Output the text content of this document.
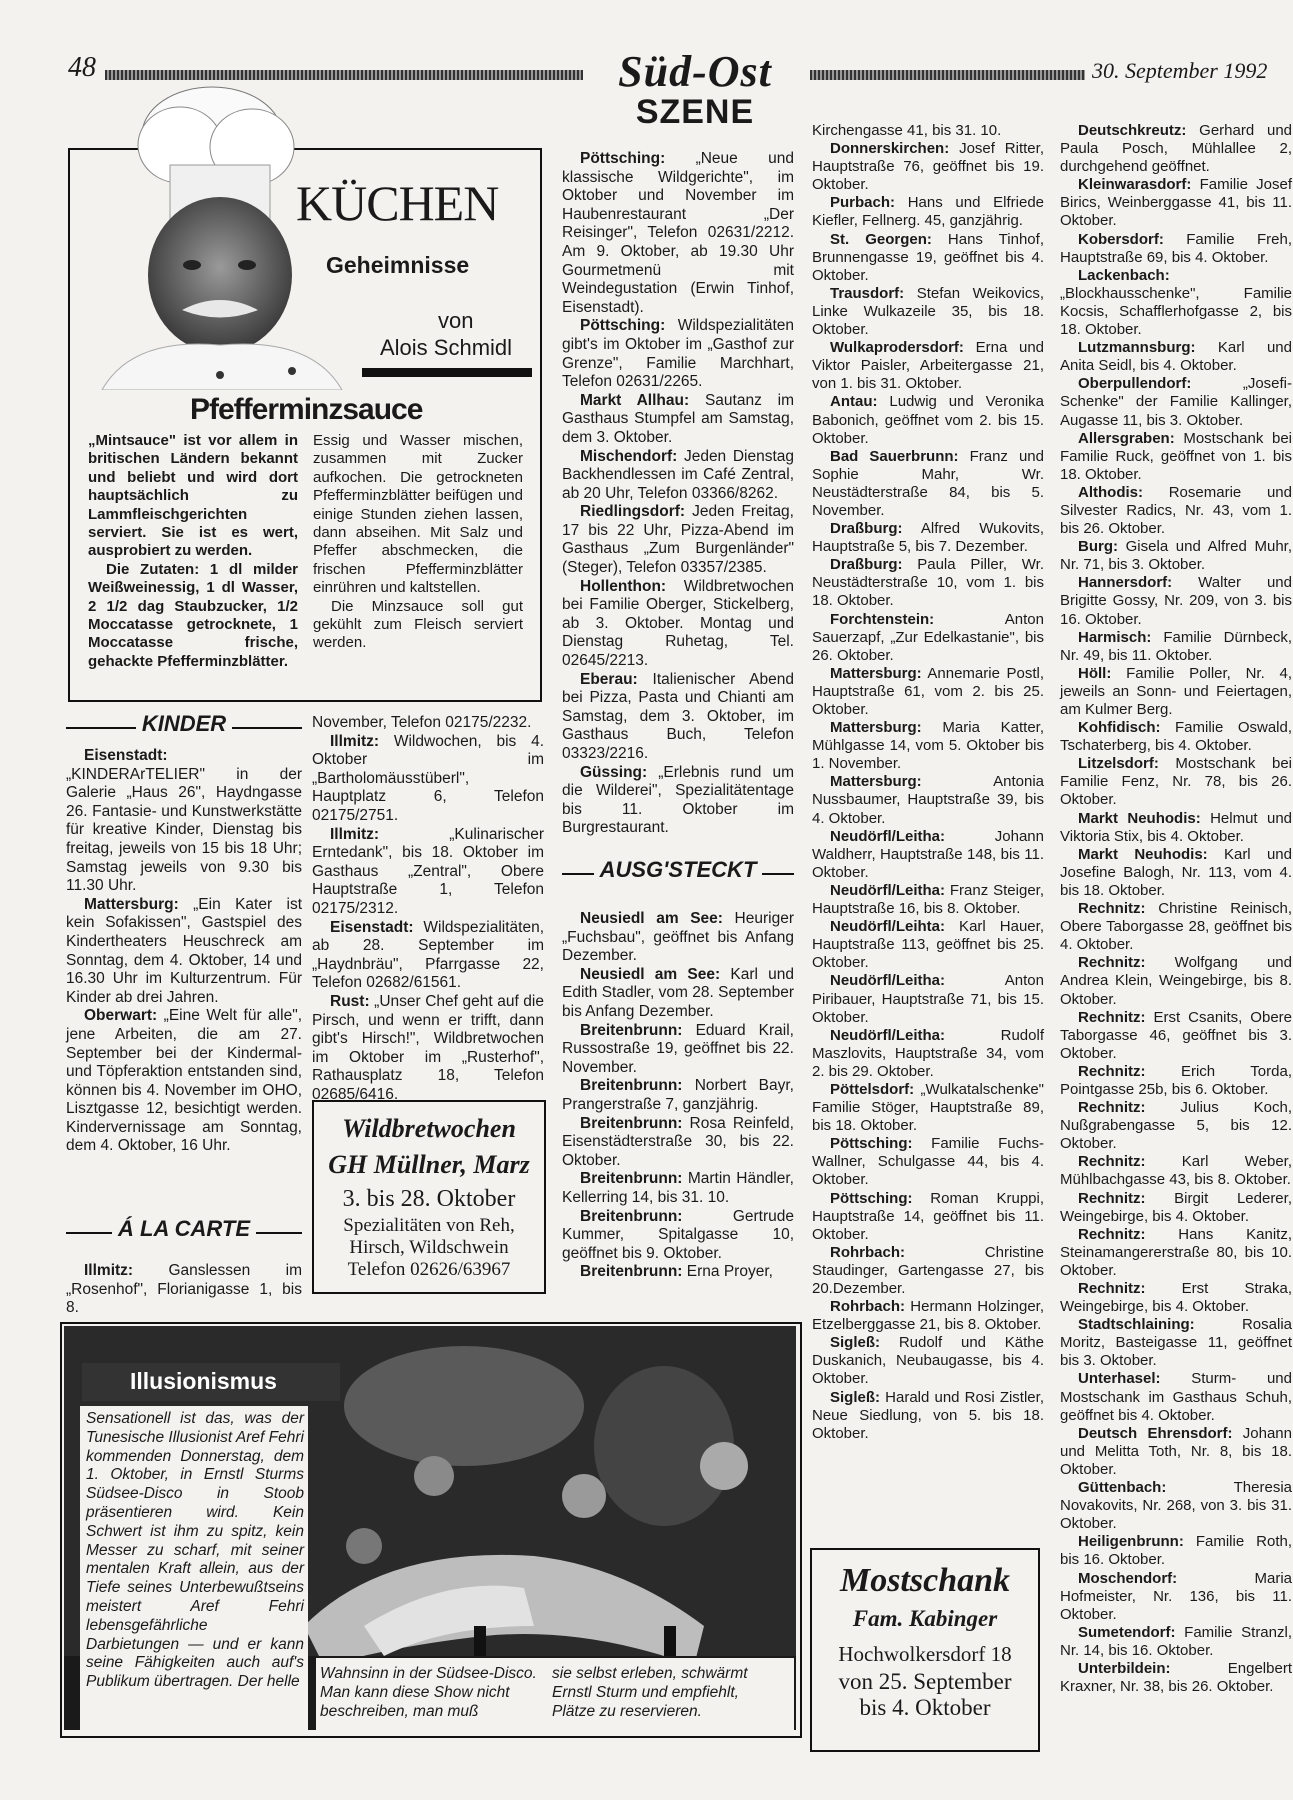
48	Süd-Ost
SZENE
30. September 1992
KÜCHEN
Geheimnisse
von
Alois Schmidl
Pfefferminzsauce

„Mintsauce" ist vor allem in britischen Ländern bekannt und beliebt und wird dort hauptsächlich zu Lammfleischgerichten serviert. Sie ist es wert, ausprobiert zu werden.

Die Zutaten: 1 dl milder Weißweinessig, 1 dl Wasser, 2 1/2 dag Staubzucker, 1/2 Moccatasse getrocknete, 1 Moccatasse frische, gehackte Pfefferminzblätter.

Essig und Wasser mischen, zusammen mit Zucker aufkochen. Die getrockneten Pfefferminzblätter beifügen und einige Stunden ziehen lassen, dann abseihen. Mit Salz und Pfeffer abschmecken, die frischen Pfefferminzblätter einrühren und kaltstellen.

Die Minzsauce soll gut gekühlt zum Fleisch serviert werden.

KINDER

Eisenstadt: „KINDERArTELIER" in der Galerie „Haus 26", Haydngasse 26. Fantasie- und Kunstwerkstätte für kreative Kinder, Dienstag bis freitag, jeweils von 15 bis 18 Uhr; Samstag jeweils von 9.30 bis 11.30 Uhr.

Mattersburg: „Ein Kater ist kein Sofakissen", Gastspiel des Kindertheaters Heuschreck am Sonntag, dem 4. Oktober, 14 und 16.30 Uhr im Kulturzentrum. Für Kinder ab drei Jahren.

Oberwart: „Eine Welt für alle", jene Arbeiten, die am 27. September bei der Kindermal- und Töpferaktion entstanden sind, können bis 4. November im OHO, Lisztgasse 12, besichtigt werden. Kindervernissage am Sonntag, dem 4. Oktober, 16 Uhr.

Á LA CARTE

Illmitz: Ganslessen im „Rosenhof", Florianigasse 1, bis 8.

November, Telefon 02175/2232.

Illmitz: Wildwochen, bis 4. Oktober im „Bartholomäusstüberl", Hauptplatz 6, Telefon 02175/2751.

Illmitz: „Kulinarischer Erntedank", bis 18. Oktober im Gasthaus „Zentral", Obere Hauptstraße 1, Telefon 02175/2312.

Eisenstadt: Wildspezialitäten, ab 28. September im „Haydnbräu", Pfarrgasse 22, Telefon 02682/61561.

Rust: „Unser Chef geht auf die Pirsch, und wenn er trifft, dann gibt's Hirsch!", Wildbretwochen im Oktober im „Rusterhof", Rathausplatz 18, Telefon 02685/6416.

Wildbretwochen
GH Müllner, Marz
3. bis 28. Oktober
Spezialitäten von Reh,
Hirsch, Wildschwein
Telefon 02626/63967

Pöttsching: „Neue und klassische Wildgerichte", im Oktober und November im Haubenrestaurant „Der Reisinger", Telefon 02631/2212. Am 9. Oktober, ab 19.30 Uhr Gourmetmenü mit Weindegustation (Erwin Tinhof, Eisenstadt).

Pöttsching: Wildspezialitäten gibt's im Oktober im „Gasthof zur Grenze", Familie Marchhart, Telefon 02631/2265.

Markt Allhau: Sautanz im Gasthaus Stumpfel am Samstag, dem 3. Oktober.

Mischendorf: Jeden Dienstag Backhendlessen im Café Zentral, ab 20 Uhr, Telefon 03366/8262.

Riedlingsdorf: Jeden Freitag, 17 bis 22 Uhr, Pizza-Abend im Gasthaus „Zum Burgenländer" (Steger), Telefon 03357/2385.

Hollenthon: Wildbretwochen bei Familie Oberger, Stickelberg, ab 3. Oktober. Montag und Dienstag Ruhetag, Tel. 02645/2213.

Eberau: Italienischer Abend bei Pizza, Pasta und Chianti am Samstag, dem 3. Oktober, im Gasthaus Buch, Telefon 03323/2216.

Güssing: „Erlebnis rund um die Wilderei", Spezialitätentage bis 11. Oktober im Burgrestaurant.

AUSG'STECKT

Neusiedl am See: Heuriger „Fuchsbau", geöffnet bis Anfang Dezember.

Neusiedl am See: Karl und Edith Stadler, vom 28. September bis Anfang Dezember.

Breitenbrunn: Eduard Krail, Russostraße 19, geöffnet bis 22. November.

Breitenbrunn: Norbert Bayr, Prangerstraße 7, ganzjährig.

Breitenbrunn: Rosa Reinfeld, Eisenstädterstraße 30, bis 22. Oktober.

Breitenbrunn: Martin Händler, Kellerring 14, bis 31. 10.

Breitenbrunn: Gertrude Kummer, Spitalgasse 10, geöffnet bis 9. Oktober.

Breitenbrunn: Erna Proyer,

Kirchengasse 41, bis 31. 10.

Donnerskirchen: Josef Ritter, Hauptstraße 76, geöffnet bis 19. Oktober.

Purbach: Hans und Elfriede Kiefler, Fellnerg. 45, ganzjährig.

St. Georgen: Hans Tinhof, Brunnengasse 19, geöffnet bis 4. Oktober.

Trausdorf: Stefan Weikovics, Linke Wulkazeile 35, bis 18. Oktober.

Wulkaprodersdorf: Erna und Viktor Paisler, Arbeitergasse 21, von 1. bis 31. Oktober.

Antau: Ludwig und Veronika Babonich, geöffnet vom 2. bis 15. Oktober.

Bad Sauerbrunn: Franz und Sophie Mahr, Wr. Neustädterstraße 84, bis 5. November.

Draßburg: Alfred Wukovits, Hauptstraße 5, bis 7. Dezember.

Draßburg: Paula Piller, Wr. Neustädterstraße 10, vom 1. bis 18. Oktober.

Forchtenstein: Anton Sauerzapf, „Zur Edelkastanie", bis 26. Oktober.

Mattersburg: Annemarie Postl, Hauptstraße 61, vom 2. bis 25. Oktober.

Mattersburg: Maria Katter, Mühlgasse 14, vom 5. Oktober bis 1. November.

Mattersburg: Antonia Nussbaumer, Hauptstraße 39, bis 4. Oktober.

Neudörfl/Leitha: Johann Waldherr, Hauptstraße 148, bis 11. Oktober.

Neudörfl/Leitha: Franz Steiger, Hauptstraße 16, bis 8. Oktober.

Neudörfl/Leihta: Karl Hauer, Hauptstraße 113, geöffnet bis 25. Oktober.

Neudörfl/Leitha: Anton Piribauer, Hauptstraße 71, bis 15. Oktober.

Neudörfl/Leitha: Rudolf Maszlovits, Hauptstraße 34, vom 2. bis 29. Oktober.

Pöttelsdorf: „Wulkatalschenke" Familie Stöger, Hauptstraße 89, bis 18. Oktober.

Pöttsching: Familie Fuchs-Wallner, Schulgasse 44, bis 4. Oktober.

Pöttsching: Roman Kruppi, Hauptstraße 14, geöffnet bis 11. Oktober.

Rohrbach: Christine Staudinger, Gartengasse 27, bis 20.Dezember.

Rohrbach: Hermann Holzinger, Etzelberggasse 21, bis 8. Oktober.

Sigleß: Rudolf und Käthe Duskanich, Neubaugasse, bis 4. Oktober.

Sigleß: Harald und Rosi Zistler, Neue Siedlung, von 5. bis 18. Oktober.

Mostschank
Fam. Kabinger
Hochwolkersdorf 18
von 25. September
bis 4. Oktober

Deutschkreutz: Gerhard und Paula Posch, Mühlallee 2, durchgehend geöffnet.

Kleinwarasdorf: Familie Josef Birics, Weinberggasse 41, bis 11. Oktober.

Kobersdorf: Familie Freh, Hauptstraße 69, bis 4. Oktober.

Lackenbach: „Blockhausschenke", Familie Kocsis, Schafflerhofgasse 2, bis 18. Oktober.

Lutzmannsburg: Karl und Anita Seidl, bis 4. Oktober.

Oberpullendorf: „Josefi-Schenke" der Familie Kallinger, Augasse 11, bis 3. Oktober.

Allersgraben: Mostschank bei Familie Ruck, geöffnet von 1. bis 18. Oktober.

Althodis: Rosemarie und Silvester Radics, Nr. 43, vom 1. bis 26. Oktober.

Burg: Gisela und Alfred Muhr, Nr. 71, bis 3. Oktober.

Hannersdorf: Walter und Brigitte Gossy, Nr. 209, von 3. bis 16. Oktober.

Harmisch: Familie Dürnbeck, Nr. 49, bis 11. Oktober.

Höll: Familie Poller, Nr. 4, jeweils an Sonn- und Feiertagen, am Kulmer Berg.

Kohfidisch: Familie Oswald, Tschaterberg, bis 4. Oktober.

Litzelsdorf: Mostschank bei Familie Fenz, Nr. 78, bis 26. Oktober.

Markt Neuhodis: Helmut und Viktoria Stix, bis 4. Oktober.

Markt Neuhodis: Karl und Josefine Balogh, Nr. 113, vom 4. bis 18. Oktober.

Rechnitz: Christine Reinisch, Obere Taborgasse 28, geöffnet bis 4. Oktober.

Rechnitz: Wolfgang und Andrea Klein, Weingebirge, bis 8. Oktober.

Rechnitz: Erst Csanits, Obere Taborgasse 46, geöffnet bis 3. Oktober.

Rechnitz: Erich Torda, Pointgasse 25b, bis 6. Oktober.

Rechnitz: Julius Koch, Nußgrabengasse 5, bis 12. Oktober.

Rechnitz: Karl Weber, Mühlbachgasse 43, bis 8. Oktober.

Rechnitz: Birgit Lederer, Weingebirge, bis 4. Oktober.

Rechnitz: Hans Kanitz, Steinamangererstraße 80, bis 10. Oktober.

Rechnitz: Erst Straka, Weingebirge, bis 4. Oktober.

Stadtschlaining: Rosalia Moritz, Basteigasse 11, geöffnet bis 3. Oktober.

Unterhasel: Sturm- und Mostschank im Gasthaus Schuh, geöffnet bis 4. Oktober.

Deutsch Ehrensdorf: Johann und Melitta Toth, Nr. 8, bis 18. Oktober.

Güttenbach: Theresia Novakovits, Nr. 268, von 3. bis 31. Oktober.

Heiligenbrunn: Familie Roth, bis 16. Oktober.

Moschendorf: Maria Hofmeister, Nr. 136, bis 11. Oktober.

Sumetendorf: Familie Stranzl, Nr. 14, bis 16. Oktober.

Unterbildein: Engelbert Kraxner, Nr. 38, bis 26. Oktober.

Illusionismus

Sensationell ist das, was der Tunesische Illusionist Aref Fehri kommenden Donnerstag, dem 1. Oktober, in Ernstl Sturms Südsee-Disco in Stoob präsentieren wird. Kein Schwert ist ihm zu spitz, kein Messer zu scharf, mit seiner mentalen Kraft allein, aus der Tiefe seines Unterbewußtseins meistert Aref Fehri lebensgefährliche Darbietungen — und er kann seine Fähigkeiten auch auf's Publikum übertragen. Der helle Wahnsinn in der Südsee-Disco. Man kann diese Show nicht beschreiben, man muß

sie selbst erleben, schwärmt Ernstl Sturm und empfiehlt, Plätze zu reservieren.
